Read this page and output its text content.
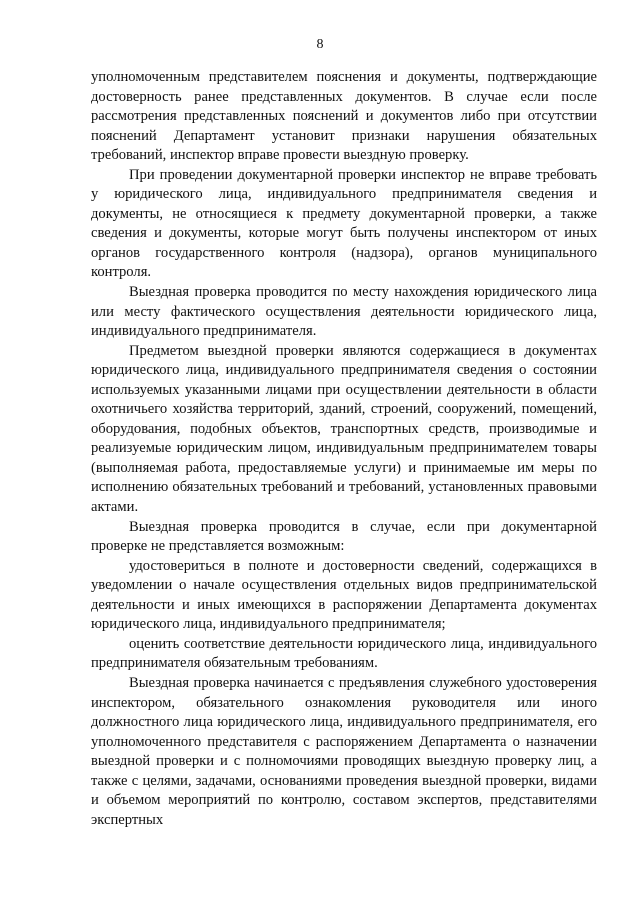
8

уполномоченным представителем пояснения и документы, подтверждающие достоверность ранее представленных документов. В случае если после рассмотрения представленных пояснений и документов либо при отсутствии пояснений Департамент установит признаки нарушения обязательных требований, инспектор вправе провести выездную проверку.

При проведении документарной проверки инспектор не вправе требовать у юридического лица, индивидуального предпринимателя сведения и документы, не относящиеся к предмету документарной проверки, а также сведения и документы, которые могут быть получены инспектором от иных органов государственного контроля (надзора), органов муниципального контроля.

Выездная проверка проводится по месту нахождения юридического лица или месту фактического осуществления деятельности юридического лица, индивидуального предпринимателя.

Предметом выездной проверки являются содержащиеся в документах юридического лица, индивидуального предпринимателя сведения о состоянии используемых указанными лицами при осуществлении деятельности в области охотничьего хозяйства территорий, зданий, строений, сооружений, помещений, оборудования, подобных объектов, транспортных средств, производимые и реализуемые юридическим лицом, индивидуальным предпринимателем товары (выполняемая работа, предоставляемые услуги) и принимаемые им меры по исполнению обязательных требований и требований, установленных правовыми актами.

Выездная проверка проводится в случае, если при документарной проверке не представляется возможным:

удостовериться в полноте и достоверности сведений, содержащихся в уведомлении о начале осуществления отдельных видов предпринимательской деятельности и иных имеющихся в распоряжении Департамента документах юридического лица, индивидуального предпринимателя;

оценить соответствие деятельности юридического лица, индивидуального предпринимателя обязательным требованиям.

Выездная проверка начинается с предъявления служебного удостоверения инспектором, обязательного ознакомления руководителя или иного должностного лица юридического лица, индивидуального предпринимателя, его уполномоченного представителя с распоряжением Департамента о назначении выездной проверки и с полномочиями проводящих выездную проверку лиц, а также с целями, задачами, основаниями проведения выездной проверки, видами и объемом мероприятий по контролю, составом экспертов, представителями экспертных
